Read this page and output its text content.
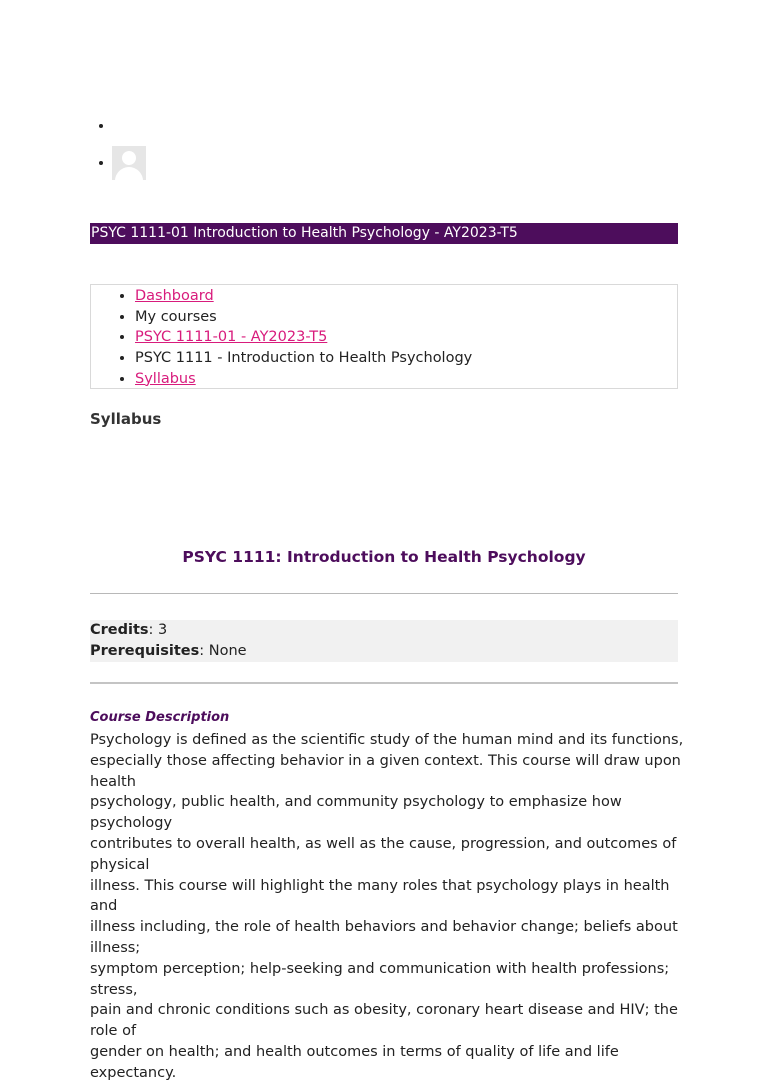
•
•
PSYC 1111-01 Introduction to Health Psychology - AY2023-T5
• Dashboard
• My courses
• PSYC 1111-01 - AY2023-T5
• PSYC 1111 - Introduction to Health Psychology
• Syllabus
Syllabus
PSYC 1111: Introduction to Health Psychology
Credits: 3
Prerequisites: None
Course Description
Psychology is defined as the scientific study of the human mind and its functions,
especially those affecting behavior in a given context. This course will draw upon health
psychology, public health, and community psychology to emphasize how psychology
contributes to overall health, as well as the cause, progression, and outcomes of physical
illness. This course will highlight the many roles that psychology plays in health and
illness including, the role of health behaviors and behavior change; beliefs about illness;
symptom perception; help-seeking and communication with health professions; stress,
pain and chronic conditions such as obesity, coronary heart disease and HIV; the role of
gender on health; and health outcomes in terms of quality of life and life expectancy.
